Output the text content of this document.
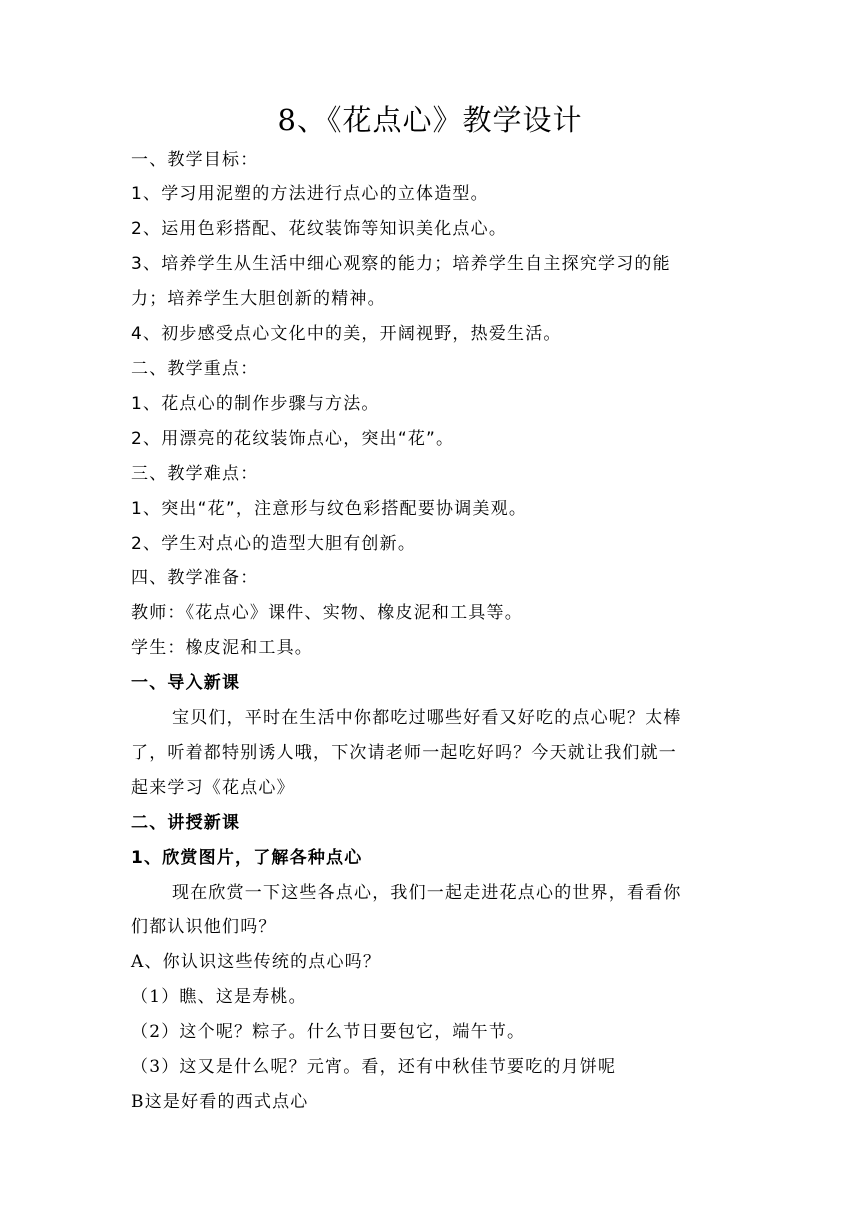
8、《花点心》教学设计
一、教学目标：
1、学习用泥塑的方法进行点心的立体造型。
2、运用色彩搭配、花纹装饰等知识美化点心。
3、培养学生从生活中细心观察的能力；培养学生自主探究学习的能
力；培养学生大胆创新的精神。
4、初步感受点心文化中的美，开阔视野，热爱生活。
二、教学重点：
1、花点心的制作步骤与方法。
2、用漂亮的花纹装饰点心，突出“花”。
三、教学难点：
1、突出“花”，注意形与纹色彩搭配要协调美观。
2、学生对点心的造型大胆有创新。
四、教学准备：
教师：《花点心》课件、实物、橡皮泥和工具等。
学生：橡皮泥和工具。
一、导入新课
宝贝们，平时在生活中你都吃过哪些好看又好吃的点心呢？太棒
了，听着都特别诱人哦，下次请老师一起吃好吗？今天就让我们就一
起来学习《花点心》
二、讲授新课
1、欣赏图片，了解各种点心
现在欣赏一下这些各点心，我们一起走进花点心的世界，看看你
们都认识他们吗？
A、你认识这些传统的点心吗？
（1）瞧、这是寿桃。
（2）这个呢？粽子。什么节日要包它，端午节。
（3）这又是什么呢？元宵。看，还有中秋佳节要吃的月饼呢
B这是好看的西式点心
